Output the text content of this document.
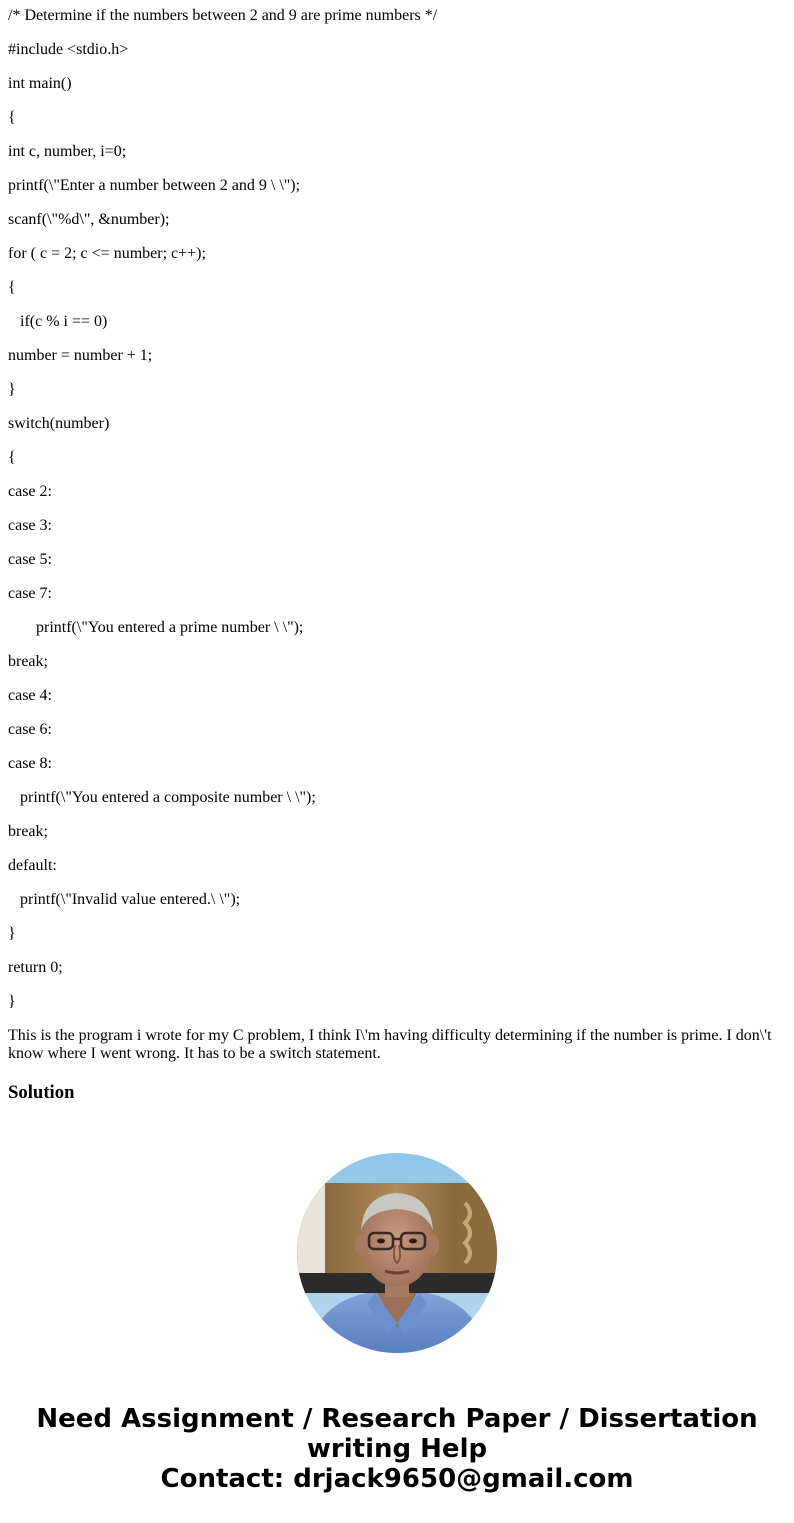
/* Determine if the numbers between 2 and 9 are prime numbers */
#include <stdio.h>
int main()
{
int c, number, i=0;
printf(\"Enter a number between 2 and 9 \ \");
scanf(\"%d\", &number);
for ( c = 2; c <= number; c++);
{
if(c % i == 0)
number = number + 1;
}
switch(number)
{
case 2:
case 3:
case 5:
case 7:
printf(\"You entered a prime number \ \");
break;
case 4:
case 6:
case 8:
printf(\"You entered a composite number \ \");
break;
default:
printf(\"Invalid value entered.\ \");
}
return 0;
}

This is the program i wrote for my C problem, I think I\'m having difficulty determining if the number is prime. I don\'t know where I went wrong. It has to be a switch statement.

Solution
Need Assignment / Research Paper / Dissertation
writing Help
Contact: drjack9650@gmail.com
